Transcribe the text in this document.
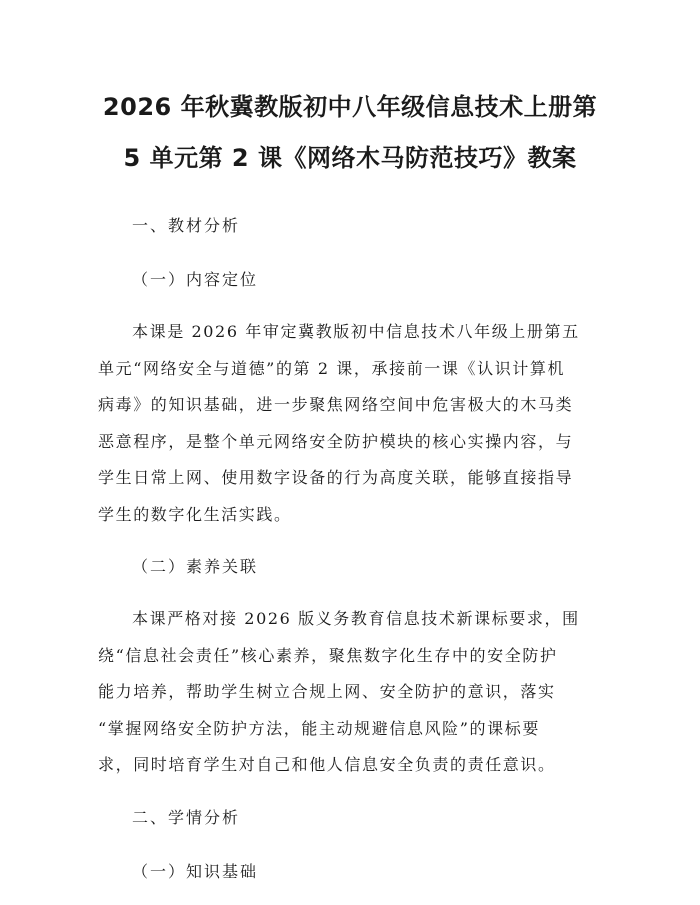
2026 年秋冀教版初中八年级信息技术上册第
5 单元第 2 课《网络木马防范技巧》教案

一、教材分析

（一）内容定位

本课是 2026 年审定冀教版初中信息技术八年级上册第五
单元“网络安全与道德”的第 2 课，承接前一课《认识计算机
病毒》的知识基础，进一步聚焦网络空间中危害极大的木马类
恶意程序，是整个单元网络安全防护模块的核心实操内容，与
学生日常上网、使用数字设备的行为高度关联，能够直接指导
学生的数字化生活实践。

（二）素养关联

本课严格对接 2026 版义务教育信息技术新课标要求，围
绕“信息社会责任”核心素养，聚焦数字化生存中的安全防护
能力培养，帮助学生树立合规上网、安全防护的意识，落实
“掌握网络安全防护方法，能主动规避信息风险”的课标要
求，同时培育学生对自己和他人信息安全负责的责任意识。

二、学情分析

（一）知识基础
